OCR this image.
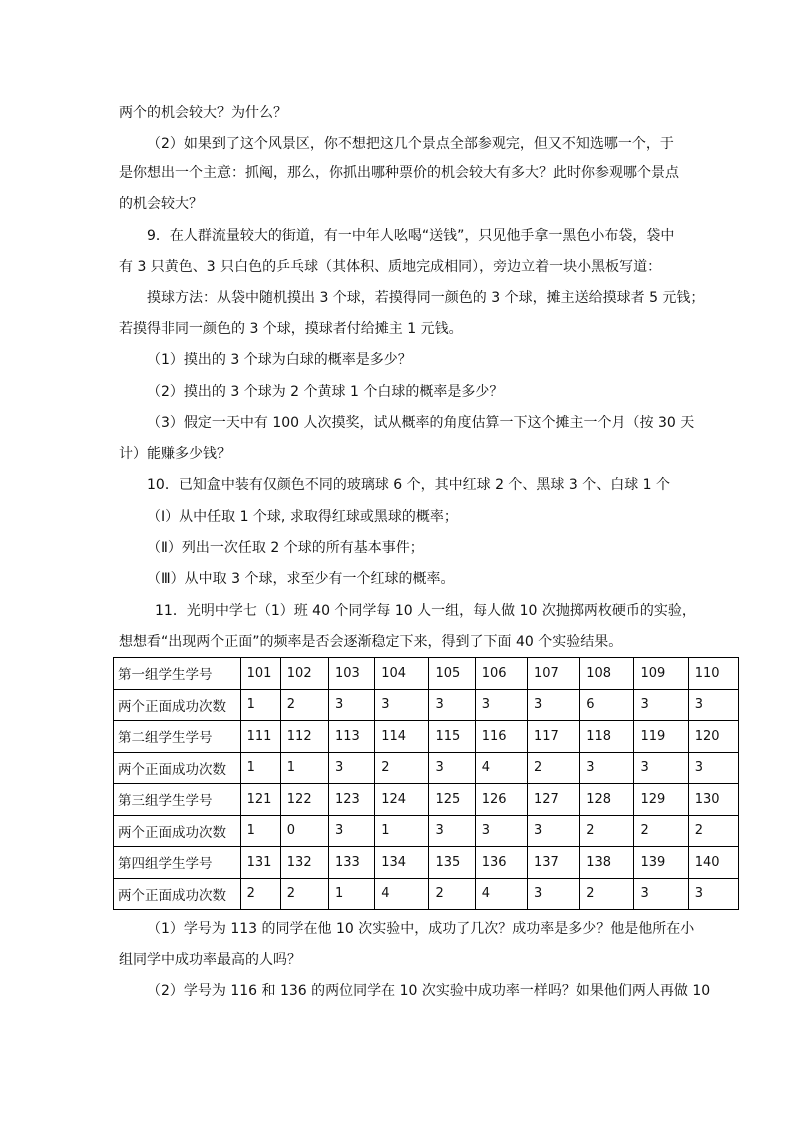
两个的机会较大？为什么？
（2）如果到了这个风景区，你不想把这几个景点全部参观完，但又不知选哪一个，于
是你想出一个主意：抓阄，那么，你抓出哪种票价的机会较大有多大？此时你参观哪个景点
的机会较大？
9．在人群流量较大的街道，有一中年人吆喝“送钱”，只见他手拿一黑色小布袋，袋中
有 3 只黄色、3 只白色的乒乓球（其体积、质地完成相同），旁边立着一块小黑板写道：
摸球方法：从袋中随机摸出 3 个球，若摸得同一颜色的 3 个球，摊主送给摸球者 5 元钱；
若摸得非同一颜色的 3 个球，摸球者付给摊主 1 元钱。
（1）摸出的 3 个球为白球的概率是多少？
（2）摸出的 3 个球为 2 个黄球 1 个白球的概率是多少？
（3）假定一天中有 100 人次摸奖，试从概率的角度估算一下这个摊主一个月（按 30 天
计）能赚多少钱？
10．已知盒中装有仅颜色不同的玻璃球 6 个，其中红球 2 个、黑球 3 个、白球 1 个
（Ⅰ）从中任取 1 个球, 求取得红球或黑球的概率；
（Ⅱ）列出一次任取 2 个球的所有基本事件；
（Ⅲ）从中取 3 个球，求至少有一个红球的概率。
11．光明中学七（1）班 40 个同学每 10 人一组，每人做 10 次抛掷两枚硬币的实验，
想想看“出现两个正面”的频率是否会逐渐稳定下来，得到了下面 40 个实验结果。
第一组学生学号	101	102	103	104	105	106	107	108	109	110
两个正面成功次数	1	2	3	3	3	3	3	6	3	3
第二组学生学号	111	112	113	114	115	116	117	118	119	120
两个正面成功次数	1	1	3	2	3	4	2	3	3	3
第三组学生学号	121	122	123	124	125	126	127	128	129	130
两个正面成功次数	1	0	3	1	3	3	3	2	2	2
第四组学生学号	131	132	133	134	135	136	137	138	139	140
两个正面成功次数	2	2	1	4	2	4	3	2	3	3
（1）学号为 113 的同学在他 10 次实验中，成功了几次？成功率是多少？他是他所在小
组同学中成功率最高的人吗？
（2）学号为 116 和 136 的两位同学在 10 次实验中成功率一样吗？如果他们两人再做 10
